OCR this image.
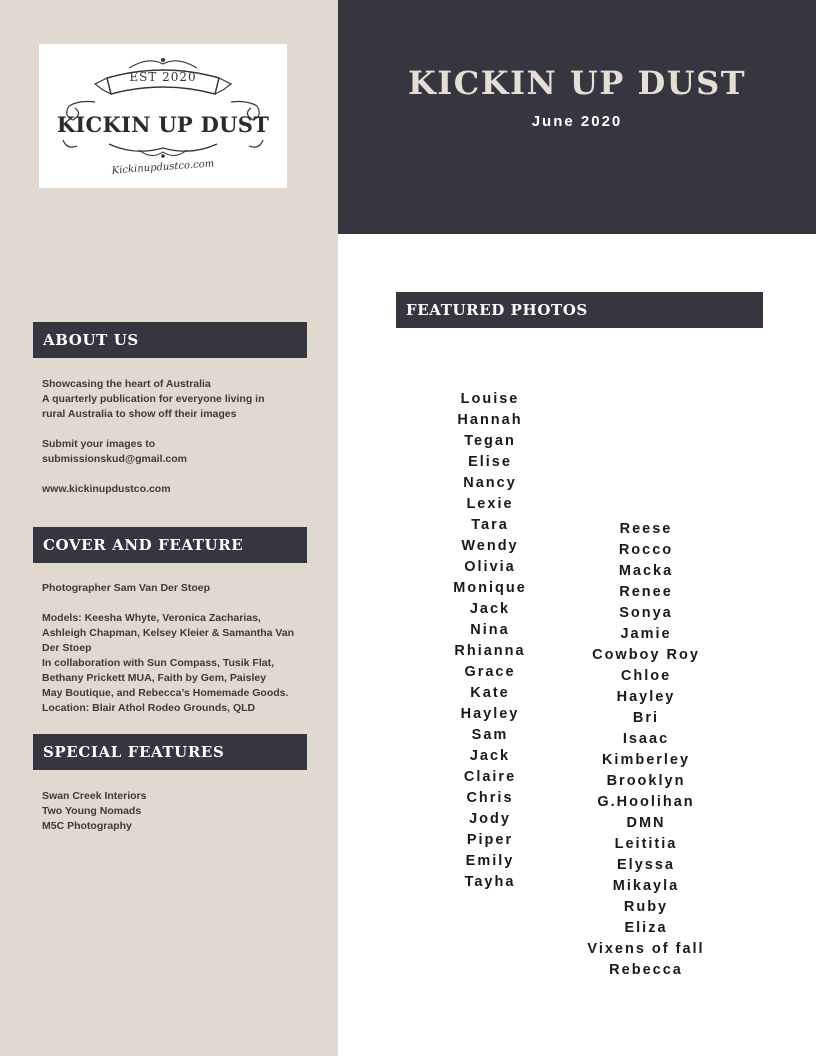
EST 2020
KICKIN UP DUST
Kickinupdustco.com
KICKIN UP DUST
June 2020
ABOUT US
Showcasing the heart of Australia
A quarterly publication for everyone living in
rural Australia to show off their images

Submit your images to
submissionskud@gmail.com

www.kickinupdustco.com
COVER AND FEATURE
Photographer Sam Van Der Stoep

Models: Keesha Whyte, Veronica Zacharias,
Ashleigh Chapman, Kelsey Kleier & Samantha Van
Der Stoep
In collaboration with Sun Compass, Tusik Flat,
Bethany Prickett MUA, Faith by Gem, Paisley
May Boutique, and Rebecca’s Homemade Goods.
Location: Blair Athol Rodeo Grounds, QLD
SPECIAL FEATURES
Swan Creek Interiors
Two Young Nomads
M5C Photography
FEATURED PHOTOS
Louise
Hannah
Tegan
Elise
Nancy
Lexie
Tara
Wendy
Olivia
Monique
Jack
Nina
Rhianna
Grace
Kate
Hayley
Sam
Jack
Claire
Chris
Jody
Piper
Emily
Tayha
Reese
Rocco
Macka
Renee
Sonya
Jamie
Cowboy Roy
Chloe
Hayley
Bri
Isaac
Kimberley
Brooklyn
G.Hoolihan
DMN
Leititia
Elyssa
Mikayla
Ruby
Eliza
Vixens of fall
Rebecca
